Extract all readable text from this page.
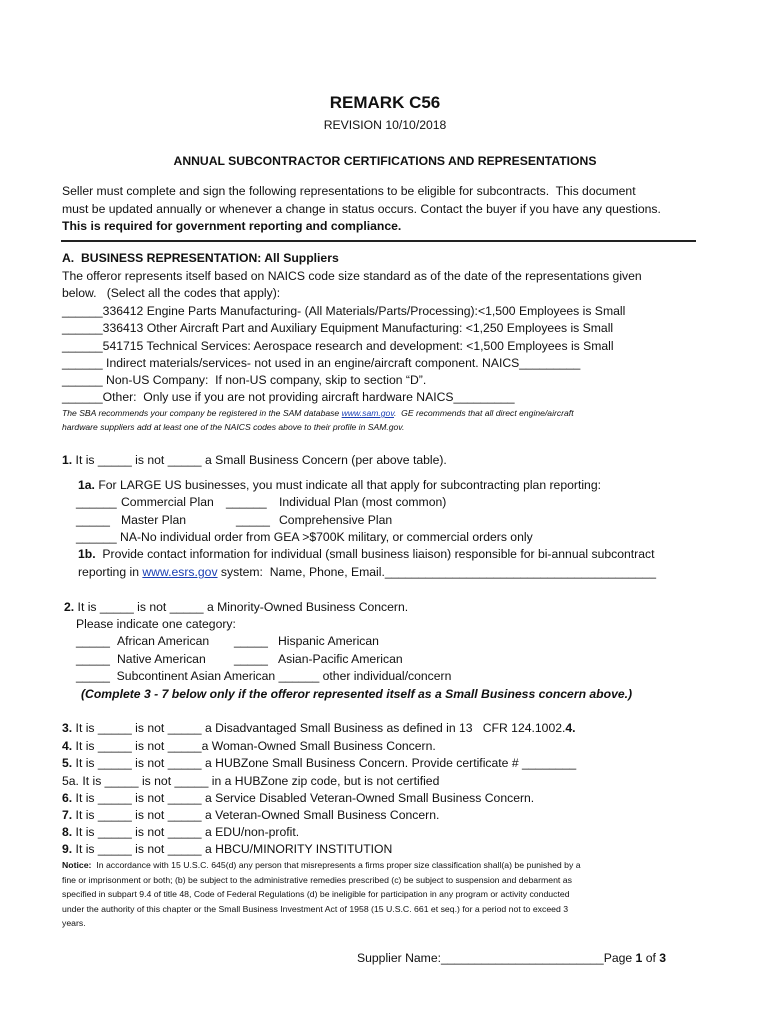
REMARK C56
REVISION 10/10/2018
ANNUAL SUBCONTRACTOR CERTIFICATIONS AND REPRESENTATIONS
Seller must complete and sign the following representations to be eligible for subcontracts.  This document
must be updated annually or whenever a change in status occurs. Contact the buyer if you have any questions.
This is required for government reporting and compliance.
A.  BUSINESS REPRESENTATION: All Suppliers
The offeror represents itself based on NAICS code size standard as of the date of the representations given
below.   (Select all the codes that apply):
______336412 Engine Parts Manufacturing- (All Materials/Parts/Processing):<1,500 Employees is Small
______336413 Other Aircraft Part and Auxiliary Equipment Manufacturing: <1,250 Employees is Small
______541715 Technical Services: Aerospace research and development: <1,500 Employees is Small
______ Indirect materials/services- not used in an engine/aircraft component. NAICS_________
______ Non-US Company:  If non-US company, skip to section “D”.
______Other:  Only use if you are not providing aircraft hardware NAICS_________
The SBA recommends your company be registered in the SAM database www.sam.gov.  GE recommends that all direct engine/aircraft
hardware suppliers add at least one of the NAICS codes above to their profile in SAM.gov.
1. It is _____ is not _____ a Small Business Concern (per above table).
1a. For LARGE US businesses, you must indicate all that apply for subcontracting plan reporting:
______ Commercial Plan ______ Individual Plan (most common)
_____ Master Plan	_____ Comprehensive Plan
______ NA-No individual order from GEA >$700K military, or commercial orders only
1b.  Provide contact information for individual (small business liaison) responsible for bi-annual subcontract
reporting in www.esrs.gov system:  Name, Phone, Email.________________________________________
2. It is _____ is not _____ a Minority-Owned Business Concern.
Please indicate one category:
_____ African American _____ Hispanic American
_____ Native American _____ Asian-Pacific American
_____  Subcontinent Asian American ______ other individual/concern
(Complete 3 - 7 below only if the offeror represented itself as a Small Business concern above.)
3. It is _____ is not _____ a Disadvantaged Small Business as defined in 13   CFR 124.1002.4.
4. It is _____ is not _____a Woman-Owned Small Business Concern.
5. It is _____ is not _____ a HUBZone Small Business Concern. Provide certificate # ________
5a. It is _____ is not _____ in a HUBZone zip code, but is not certified
6. It is _____ is not _____ a Service Disabled Veteran-Owned Small Business Concern.
7. It is _____ is not _____ a Veteran-Owned Small Business Concern.
8. It is _____ is not _____ a EDU/non-profit.
9. It is _____ is not _____ a HBCU/MINORITY INSTITUTION
Notice:  In accordance with 15 U.S.C. 645(d) any person that misrepresents a firms proper size classification shall(a) be punished by a
fine or imprisonment or both; (b) be subject to the administrative remedies prescribed (c) be subject to suspension and debarment as
specified in subpart 9.4 of title 48, Code of Federal Regulations (d) be ineligible for participation in any program or activity conducted
under the authority of this chapter or the Small Business Investment Act of 1958 (15 U.S.C. 661 et seq.) for a period not to exceed 3
years.
Supplier Name:________________________Page 1 of 3
